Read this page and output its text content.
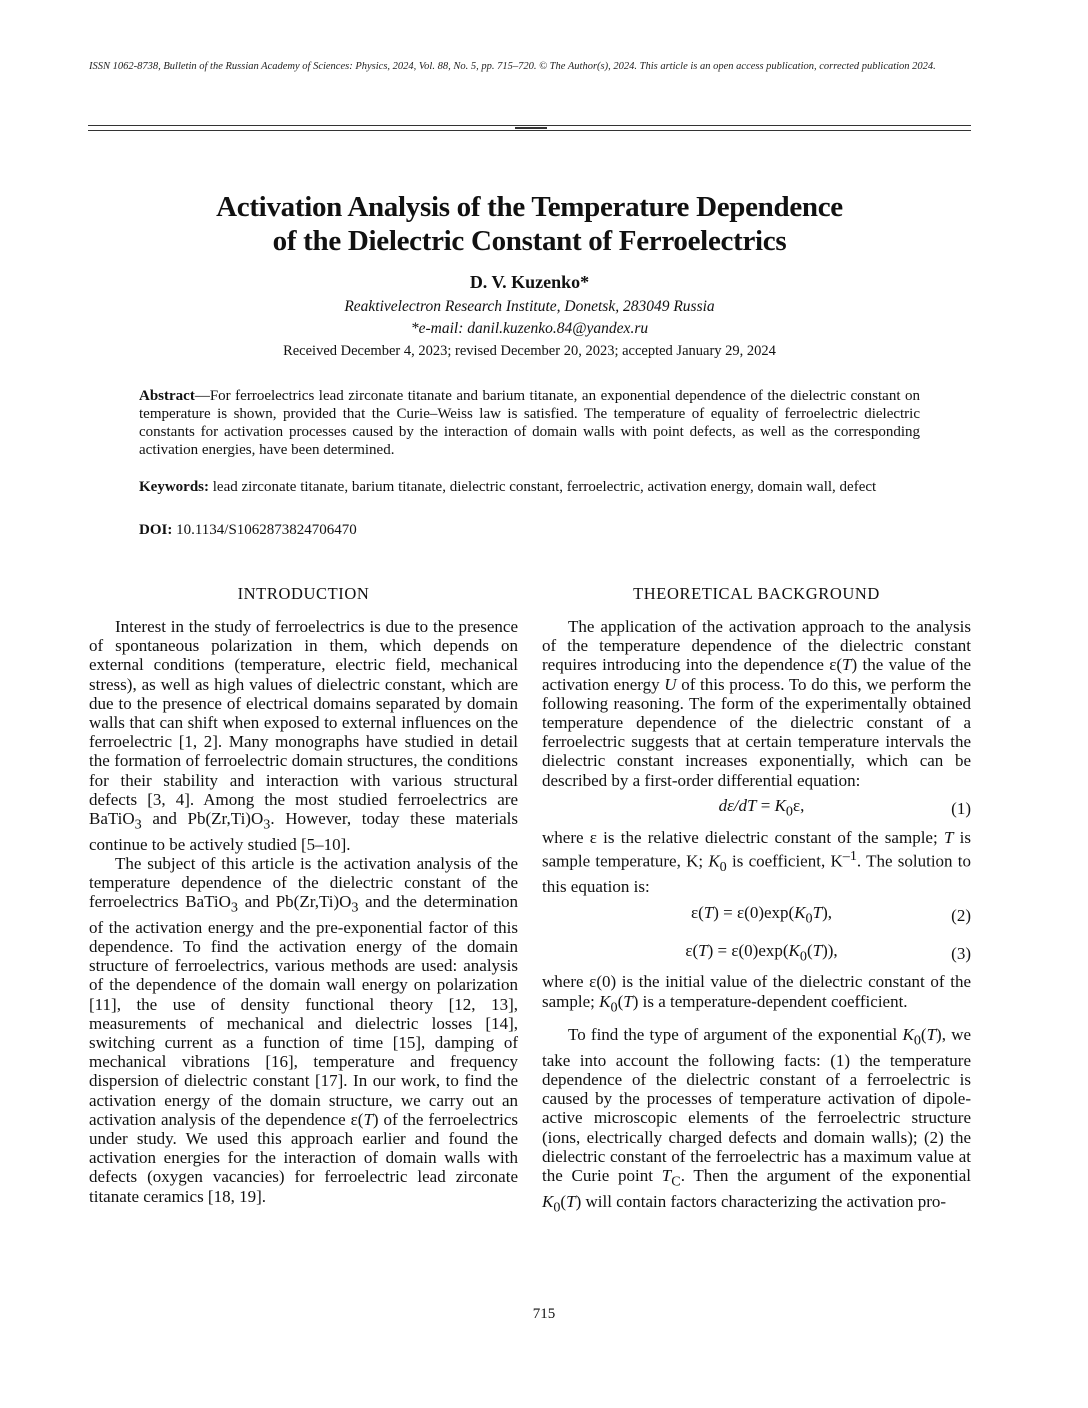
ISSN 1062-8738, Bulletin of the Russian Academy of Sciences: Physics, 2024, Vol. 88, No. 5, pp. 715–720. © The Author(s), 2024. This article is an open access publication, corrected publication 2024.
Activation Analysis of the Temperature Dependence
of the Dielectric Constant of Ferroelectrics
D. V. Kuzenko*
Reaktivelectron Research Institute, Donetsk, 283049 Russia
*e-mail: danil.kuzenko.84@yandex.ru
Received December 4, 2023; revised December 20, 2023; accepted January 29, 2024
Abstract—For ferroelectrics lead zirconate titanate and barium titanate, an exponential dependence of the dielectric constant on temperature is shown, provided that the Curie–Weiss law is satisfied. The temperature of equality of ferroelectric dielectric constants for activation processes caused by the interaction of domain walls with point defects, as well as the corresponding activation energies, have been determined.
Keywords: lead zirconate titanate, barium titanate, dielectric constant, ferroelectric, activation energy, domain wall, defect
DOI: 10.1134/S1062873824706470
INTRODUCTION

Interest in the study of ferroelectrics is due to the presence of spontaneous polarization in them, which depends on external conditions (temperature, electric field, mechanical stress), as well as high values of dielectric constant, which are due to the presence of electrical domains separated by domain walls that can shift when exposed to external influences on the ferroelectric [1, 2]. Many monographs have studied in detail the formation of ferroelectric domain structures, the conditions for their stability and interaction with various structural defects [3, 4]. Among the most studied ferroelectrics are BaTiO$_3$ and $Pb(Zr,Ti)O_3$. However, today these materials continue to be actively studied [5–10].

The subject of this article is the activation analysis of the temperature dependence of the dielectric constant of the ferroelectrics BaTiO$_3$ and $Pb(Zr,Ti)O_3$ and the determination of the activation energy and the pre-exponential factor of this dependence. To find the activation energy of the domain structure of ferroelectrics, various methods are used: analysis of the dependence of the domain wall energy on polarization [11], the use of density functional theory [12, 13], measurements of mechanical and dielectric losses [14], switching current as a function of time [15], damping of mechanical vibrations [16], temperature and frequency dispersion of dielectric constant [17]. In our work, to find the activation energy of the domain structure, we carry out an activation analysis of the dependence ε(T) of the ferroelectrics under study. We used this approach earlier and found the activation energies for the interaction of domain walls with defects (oxygen vacancies) for ferroelectric lead zirconate titanate ceramics [18, 19].

THEORETICAL BACKGROUND

The application of the activation approach to the analysis of the temperature dependence of the dielectric constant requires introducing into the dependence ε(T) the value of the activation energy U of this process. To do this, we perform the following reasoning. The form of the experimentally obtained temperature dependence of the dielectric constant of a ferroelectric suggests that at certain temperature intervals the dielectric constant increases exponentially, which can be described by a first-order differential equation:

$d\varepsilon/dT = K_0\varepsilon$,	(1)

where ε is the relative dielectric constant of the sample; T is sample temperature, K; $K_0$ is coefficient, $K^{-1}$. The solution to this equation is:

$\varepsilon(T) = \varepsilon(0)\exp(K_0T)$,	(2)
$\varepsilon(T) = \varepsilon(0)\exp(K_0(T))$,	(3)

where ε(0) is the initial value of the dielectric constant of the sample; $K_0(T)$ is a temperature-dependent coefficient.

To find the type of argument of the exponential $K_0(T)$, we take into account the following facts: (1) the temperature dependence of the dielectric constant of a ferroelectric is caused by the processes of temperature activation of dipole-active microscopic elements of the ferroelectric structure (ions, electrically charged defects and domain walls); (2) the dielectric constant of the ferroelectric has a maximum value at the Curie point $T_C$. Then the argument of the exponential $K_0(T)$ will contain factors characterizing the activation pro-

715
